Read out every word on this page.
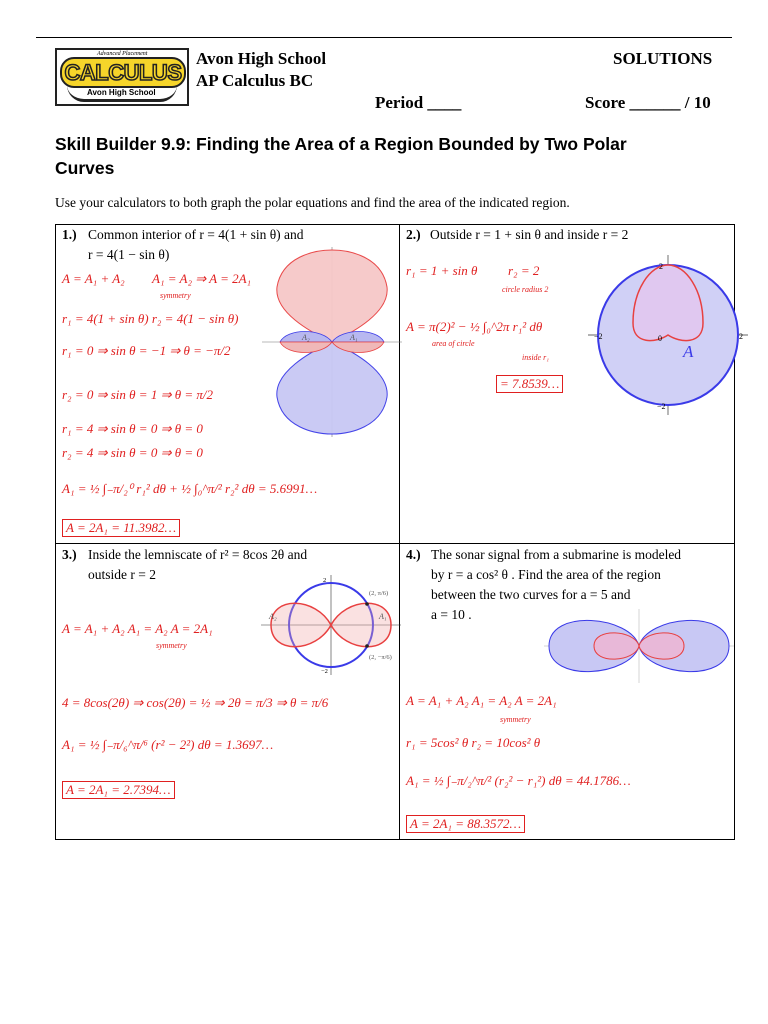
Advanced Placement
CALCULUS
Avon High School
Avon High School
AP Calculus BC
SOLUTIONS
Period ____	Score ______ / 10
Skill Builder 9.9: Finding the Area of a Region Bounded by Two Polar
Curves
Use your calculators to both graph the polar equations and find the area of the indicated region.
1.) Common interior of r = 4(1 + sin θ) and
r = 4(1 − sin θ)
A = A₁ + A₂ A₁ = A₂ ⇒ A = 2A₁
symmetry
r₁ = 4(1 + sin θ) r₂ = 4(1 − sin θ)
r₁ = 0 ⇒ sin θ = −1 ⇒ θ = −π/2
r₂ = 0 ⇒ sin θ = 1 ⇒ θ = π/2
r₁ = 4 ⇒ sin θ = 0 ⇒ θ = 0
r₂ = 4 ⇒ sin θ = 0 ⇒ θ = 0
A₁ = ½ ∫₋π/₂⁰ r₁² dθ + ½ ∫₀^π/² r₂² dθ = 5.6991…
A = 2A₁ = 11.3982…
A₂	A₁
2.) Outside r = 1 + sin θ and inside r = 2
r₁ = 1 + sin θ r₂ = 2
circle radius 2
A = π(2)² − ½ ∫₀^2π r₁² dθ
area of circle
inside r₁
= 7.8539…
2
−2
−2	2
0
A
3.) Inside the lemniscate of r² = 8cos 2θ and
outside r = 2
A = A₁ + A₂ A₁ = A₂ A = 2A₁
symmetry
4 = 8cos(2θ) ⇒ cos(2θ) = ½ ⇒ 2θ = π/3 ⇒ θ = π/6
A₁ = ½ ∫₋π/₆^π/⁶ (r² − 2²) dθ = 1.3697…
A = 2A₁ = 2.7394…
A₂	A₁
(2, π/6)
(2, −π/6)
2
−2
4.) The sonar signal from a submarine is modeled
by r = a cos² θ . Find the area of the region
between the two curves for a = 5 and
a = 10 .
A = A₁ + A₂ A₁ = A₂ A = 2A₁
symmetry
r₁ = 5cos² θ r₂ = 10cos² θ
A₁ = ½ ∫₋π/₂^π/² (r₂² − r₁²) dθ = 44.1786…
A = 2A₁ = 88.3572…
